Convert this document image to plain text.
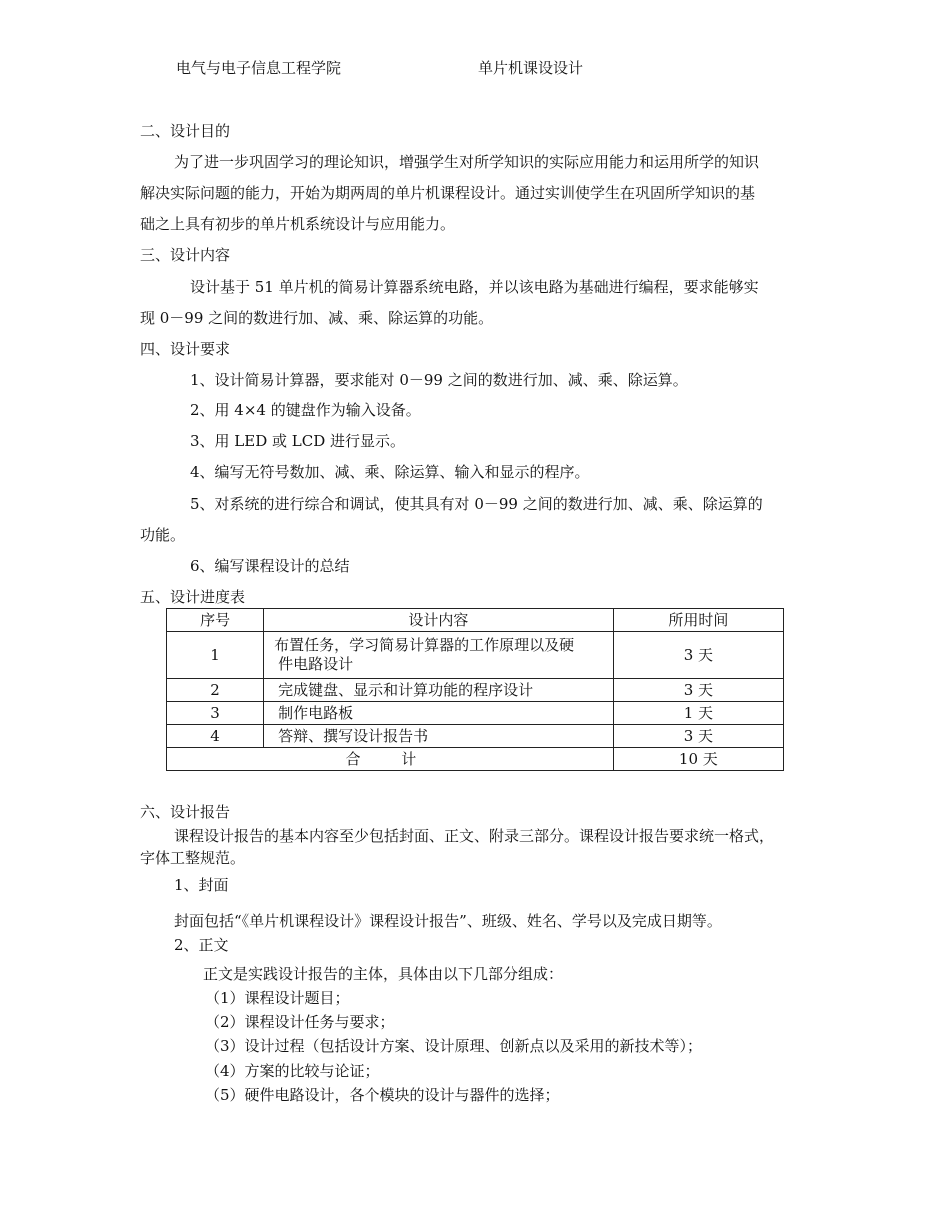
电气与电子信息工程学院	单片机课设设计
二、设计目的
为了进一步巩固学习的理论知识，增强学生对所学知识的实际应用能力和运用所学的知识
解决实际问题的能力，开始为期两周的单片机课程设计。通过实训使学生在巩固所学知识的基
础之上具有初步的单片机系统设计与应用能力。
三、设计内容
设计基于 51 单片机的简易计算器系统电路，并以该电路为基础进行编程，要求能够实
现 0－99 之间的数进行加、减、乘、除运算的功能。
四、设计要求
1、设计简易计算器，要求能对 0－99 之间的数进行加、减、乘、除运算。
2、用 4×4 的键盘作为输入设备。
3、用 LED 或 LCD 进行显示。
4、编写无符号数加、减、乘、除运算、输入和显示的程序。
5、对系统的进行综合和调试，使其具有对 0－99 之间的数进行加、减、乘、除运算的
功能。
6、编写课程设计的总结
五、设计进度表
序号	设计内容	所用时间
1	布置任务，学习简易计算器的工作原理以及硬
件电路设计	3 天
2	完成键盘、显示和计算功能的程序设计	3 天
3	制作电路板	1 天
4	答辩、撰写设计报告书	3 天
合 计		10 天
六、设计报告
课程设计报告的基本内容至少包括封面、正文、附录三部分。课程设计报告要求统一格式，
字体工整规范。
1、封面
封面包括“《单片机课程设计》课程设计报告”、班级、姓名、学号以及完成日期等。
2、正文
正文是实践设计报告的主体，具体由以下几部分组成：
（1）课程设计题目；
（2）课程设计任务与要求；
（3）设计过程（包括设计方案、设计原理、创新点以及采用的新技术等）；
（4）方案的比较与论证；
（5）硬件电路设计，各个模块的设计与器件的选择；
